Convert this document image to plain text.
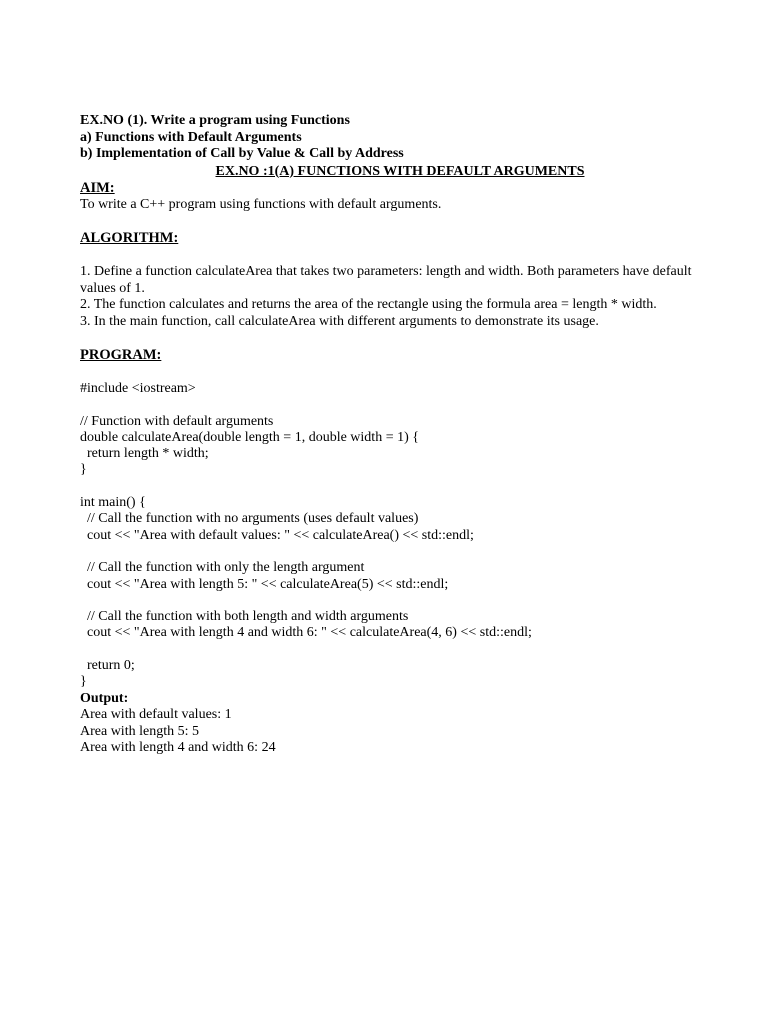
EX.NO (1). Write a program using Functions
a) Functions with Default Arguments
b) Implementation of Call by Value & Call by Address
EX.NO :1(A) FUNCTIONS WITH DEFAULT ARGUMENTS
AIM:
To write a C++ program using functions with default arguments.
ALGORITHM:
1. Define a function calculateArea that takes two parameters: length and width. Both parameters have default values of 1.
2. The function calculates and returns the area of the rectangle using the formula area = length * width.
3. In the main function, call calculateArea with different arguments to demonstrate its usage.
PROGRAM:
#include <iostream>
// Function with default arguments
double calculateArea(double length = 1, double width = 1) {
return length * width;
}
int main() {
// Call the function with no arguments (uses default values)
cout << "Area with default values: " << calculateArea() << std::endl;
// Call the function with only the length argument
cout << "Area with length 5: " << calculateArea(5) << std::endl;
// Call the function with both length and width arguments
cout << "Area with length 4 and width 6: " << calculateArea(4, 6) << std::endl;
return 0;
}
Output:
Area with default values: 1
Area with length 5: 5
Area with length 4 and width 6: 24
